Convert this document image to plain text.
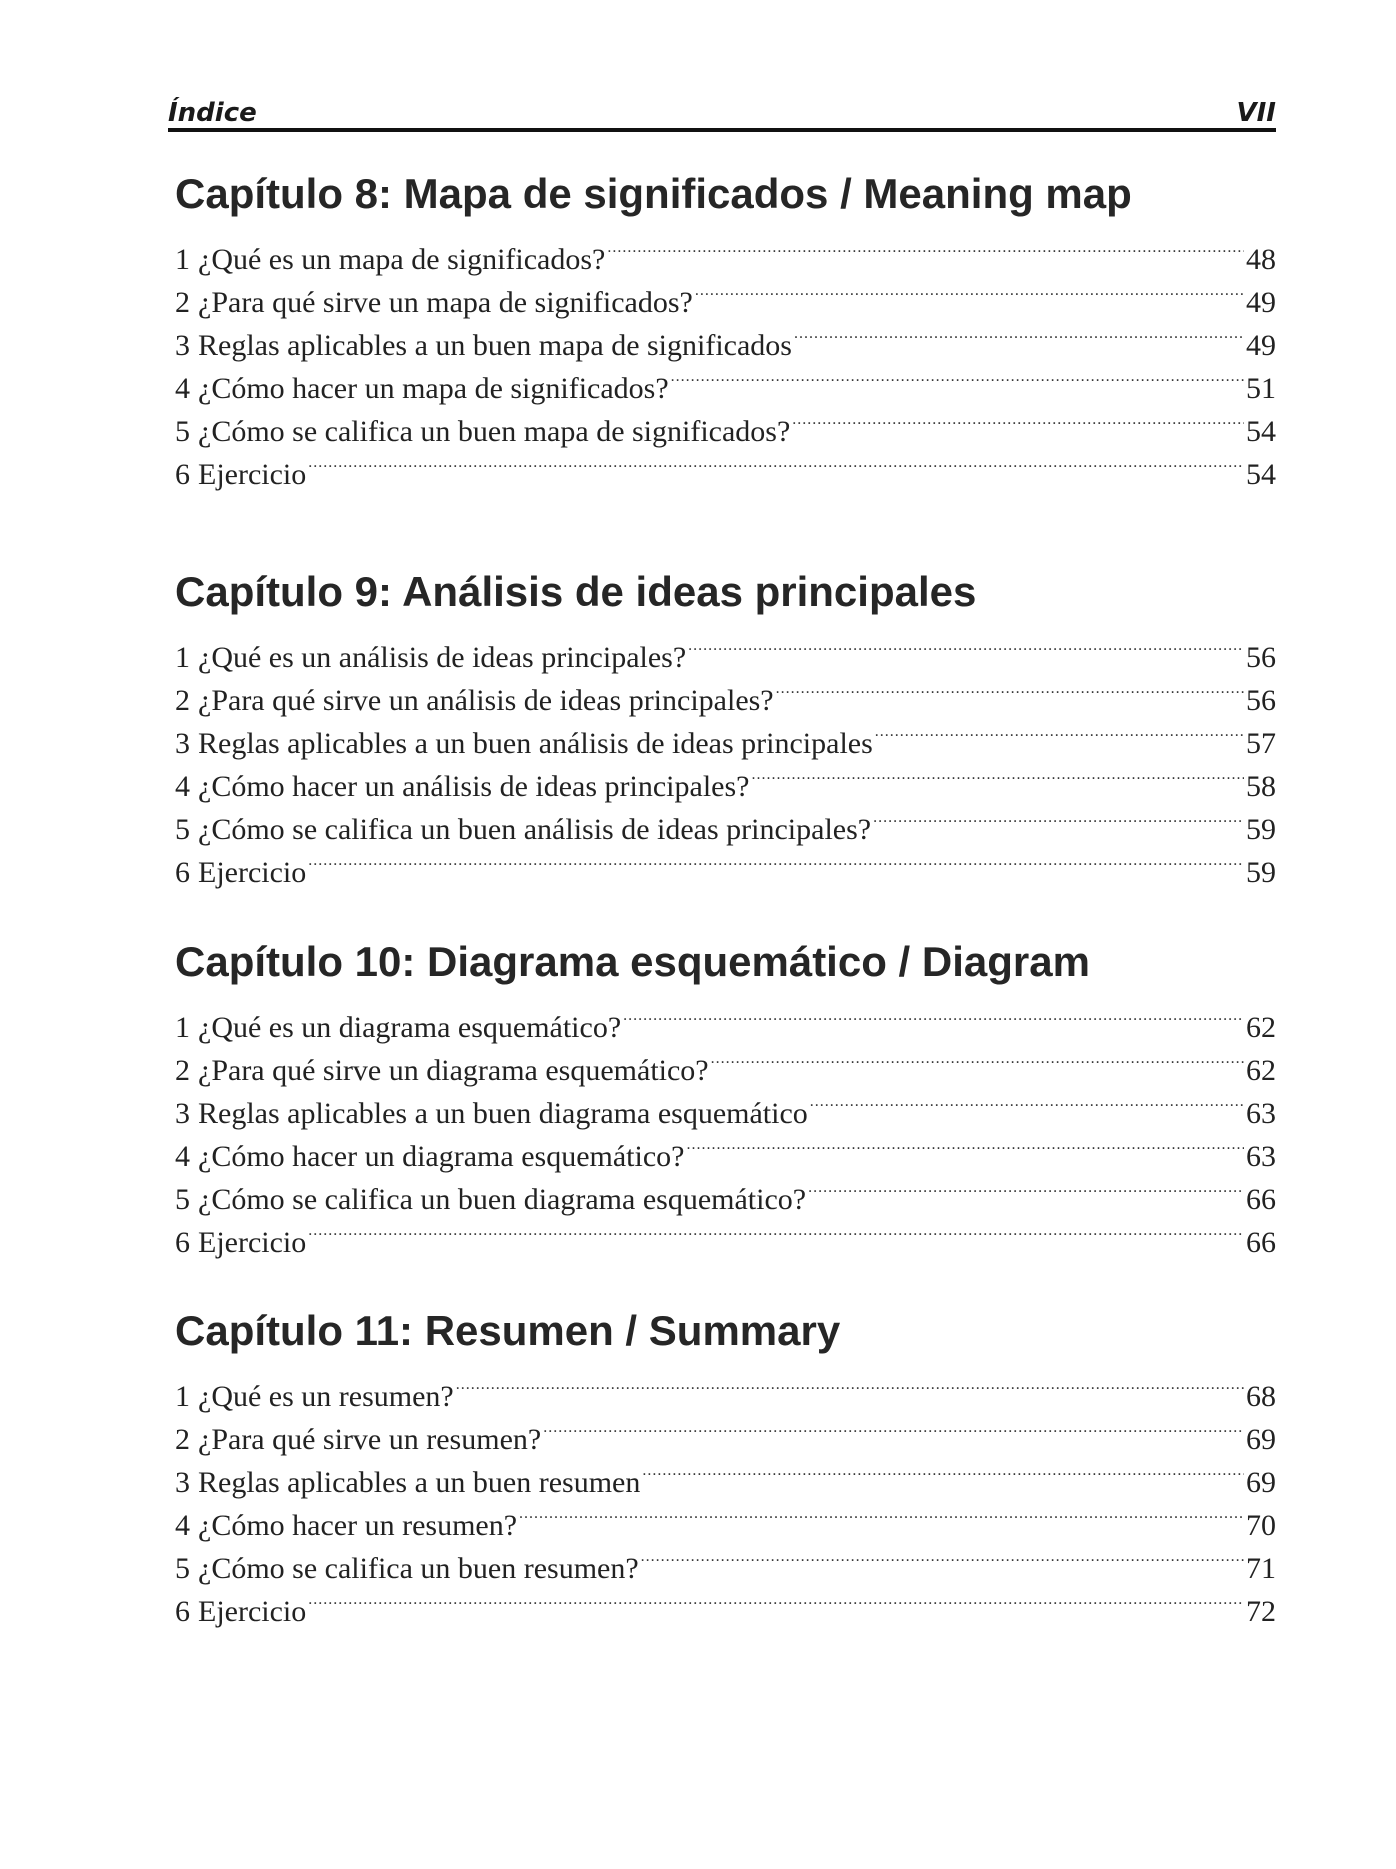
Índice	VII
Capítulo 8: Mapa de significados / Meaning map
1 ¿Qué es un mapa de significados? .....	48
2 ¿Para qué sirve un mapa de significados? .....	49
3 Reglas aplicables a un buen mapa de significados .....	49
4 ¿Cómo hacer un mapa de significados? .....	51
5 ¿Cómo se califica un buen mapa de significados? .....	54
6 Ejercicio .....	54
Capítulo 9: Análisis de ideas principales
1 ¿Qué es un análisis de ideas principales? .....	56
2 ¿Para qué sirve un análisis de ideas principales? .....	56
3 Reglas aplicables a un buen análisis de ideas principales .....	57
4 ¿Cómo hacer un análisis de ideas principales? .....	58
5 ¿Cómo se califica un buen análisis de ideas principales? .....	59
6 Ejercicio .....	59
Capítulo 10: Diagrama esquemático / Diagram
1 ¿Qué es un diagrama esquemático? .....	62
2 ¿Para qué sirve un diagrama esquemático? .....	62
3 Reglas aplicables a un buen diagrama esquemático .....	63
4 ¿Cómo hacer un diagrama esquemático? .....	63
5 ¿Cómo se califica un buen diagrama esquemático? .....	66
6 Ejercicio .....	66
Capítulo 11: Resumen / Summary
1 ¿Qué es un resumen? .....	68
2 ¿Para qué sirve un resumen? .....	69
3 Reglas aplicables a un buen resumen .....	69
4 ¿Cómo hacer un resumen? .....	70
5 ¿Cómo se califica un buen resumen? .....	71
6 Ejercicio .....	72
